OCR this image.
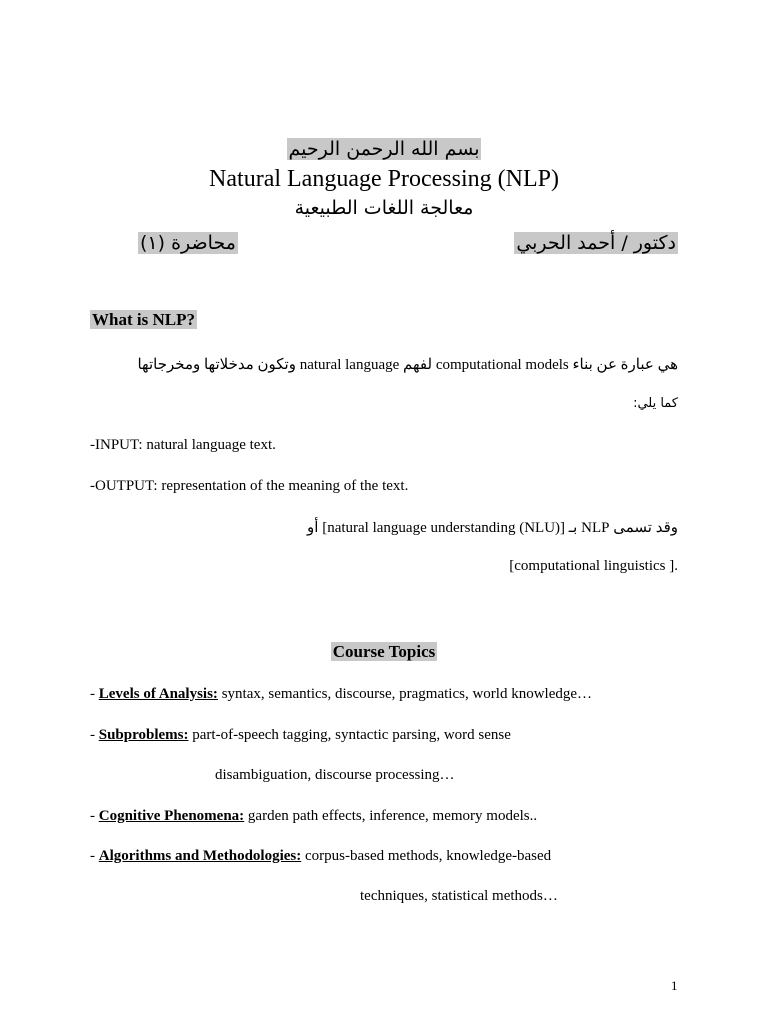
بسم الله الرحمن الرحيم
Natural Language Processing (NLP)
معالجة اللغات الطبيعية
دكتور / أحمد الحربي
محاضرة (١)
What is NLP?
هي عبارة عن بناء computational models لفهم natural language وتكون مدخلاتها ومخرجاتها
كما يلي:
-INPUT: natural language text.
-OUTPUT: representation of the meaning of the text.
وقد تسمى NLP بـ [natural language understanding (NLU)] أو
[computational linguistics ].
Course Topics
- Levels of Analysis: syntax, semantics, discourse, pragmatics, world knowledge…
- Subproblems: part-of-speech tagging, syntactic parsing, word sense
disambiguation, discourse processing…
- Cognitive Phenomena: garden path effects, inference, memory models..
- Algorithms and Methodologies: corpus-based methods, knowledge-based
techniques, statistical methods…
1
